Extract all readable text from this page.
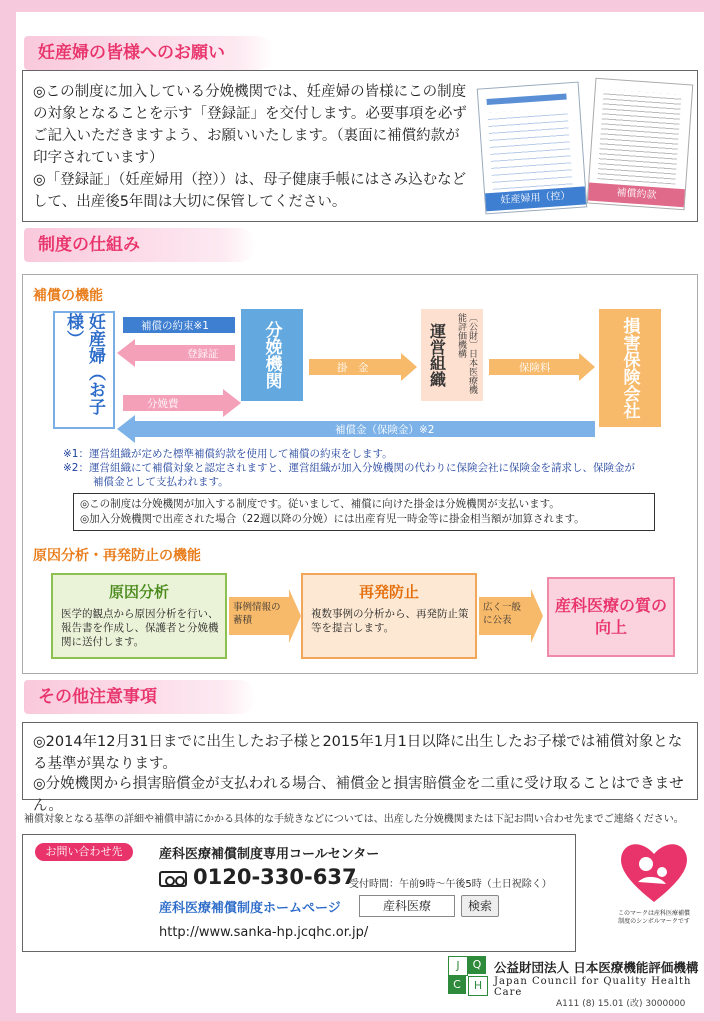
妊産婦の皆様へのお願い
◎この制度に加入している分娩機関では、妊産婦の皆様にこの制度の対象となることを示す「登録証」を交付します。必要事項を必ずご記入いただきますよう、お願いいたします。（裏面に補償約款が印字されています）
◎「登録証」（妊産婦用（控））は、母子健康手帳にはさみ込むなどして、出産後5年間は大切に保管してください。	妊産婦用（控）	補償約款
制度の仕組み
補償の機能
妊産婦（お子様）	分娩機関	運営組織	〔公財〕日本医療機能評価機構	損害保険会社
補償の約束※1
登録証
分娩費
掛　金	保険料
補償金（保険金）※2
※1：運営組織が定めた標準補償約款を使用して補償の約束をします。
※2：運営組織にて補償対象と認定されますと、運営組織が加入分娩機関の代わりに保険会社に保険金を請求し、保険金が
補償金として支払われます。
◎この制度は分娩機関が加入する制度です。従いまして、補償に向けた掛金は分娩機関が支払います。
◎加入分娩機関で出産された場合（22週以降の分娩）には出産育児一時金等に掛金相当額が加算されます。
原因分析・再発防止の機能
原因分析
医学的観点から原因分析を行い、報告書を作成し、保護者と分娩機関に送付します。
事例情報の蓄積
再発防止
複数事例の分析から、再発防止策等を提言します。
広く一般に公表
産科医療の質の向上
その他注意事項
◎2014年12月31日までに出生したお子様と2015年1月1日以降に出生したお子様では補償対象となる基準が異なります。
◎分娩機関から損害賠償金が支払われる場合、補償金と損害賠償金を二重に受け取ることはできません。
補償対象となる基準の詳細や補償申請にかかる具体的な手続きなどについては、出産した分娩機関または下記お問い合わせ先までご連絡ください。
お問い合わせ先	産科医療補償制度専用コールセンター
0120-330-637
受付時間：午前9時～午後5時（土日祝除く）
産科医療補償制度ホームページ	産科医療	検索
http://www.sanka-hp.jcqhc.or.jp/
このマークは産科医療補償制度のシンボルマークです
J	Q
C	H
公益財団法人 日本医療機能評価機構
Japan Council for Quality Health Care
A111 (8) 15.01 (改) 3000000
